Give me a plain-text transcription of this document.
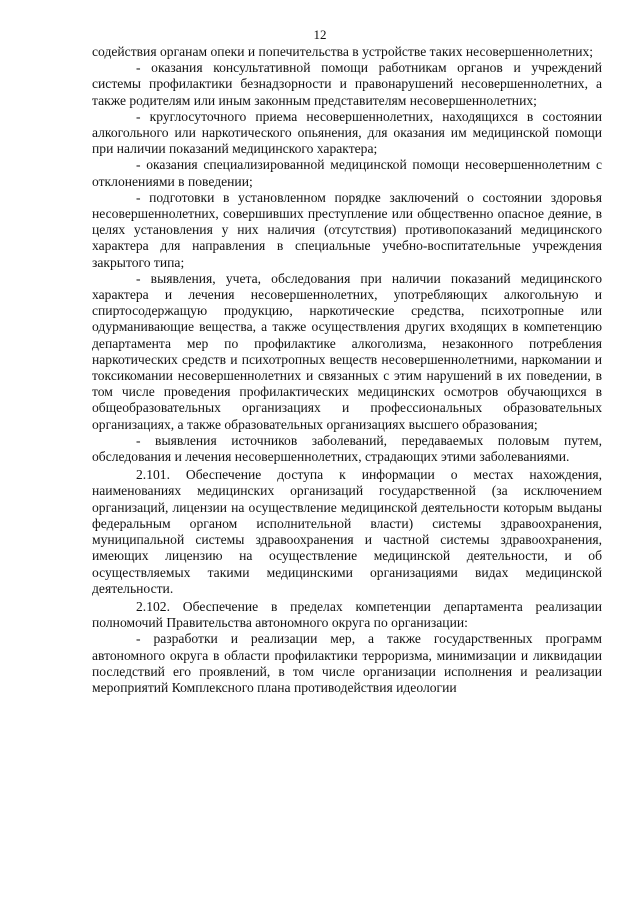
12

содействия органам опеки и попечительства в устройстве таких несовершеннолетних;

- оказания консультативной помощи работникам органов и учреждений системы профилактики безнадзорности и правонарушений несовершеннолетних, а также родителям или иным законным представителям несовершеннолетних;

- круглосуточного приема несовершеннолетних, находящихся в состоянии алкогольного или наркотического опьянения, для оказания им медицинской помощи при наличии показаний медицинского характера;

- оказания специализированной медицинской помощи несовершеннолетним с отклонениями в поведении;

- подготовки в установленном порядке заключений о состоянии здоровья несовершеннолетних, совершивших преступление или общественно опасное деяние, в целях установления у них наличия (отсутствия) противопоказаний медицинского характера для направления в специальные учебно-воспитательные учреждения закрытого типа;

- выявления, учета, обследования при наличии показаний медицинского характера и лечения несовершеннолетних, употребляющих алкогольную и спиртосодержащую продукцию, наркотические средства, психотропные или одурманивающие вещества, а также осуществления других входящих в компетенцию департамента мер по профилактике алкоголизма, незаконного потребления наркотических средств и психотропных веществ несовершеннолетними, наркомании и токсикомании несовершеннолетних и связанных с этим нарушений в их поведении, в том числе проведения профилактических медицинских осмотров обучающихся в общеобразовательных организациях и профессиональных образовательных организациях, а также образовательных организациях высшего образования;

- выявления источников заболеваний, передаваемых половым путем, обследования и лечения несовершеннолетних, страдающих этими заболеваниями.

2.101. Обеспечение доступа к информации о местах нахождения, наименованиях медицинских организаций государственной (за исключением организаций, лицензии на осуществление медицинской деятельности которым выданы федеральным органом исполнительной власти) системы здравоохранения, муниципальной системы здравоохранения и частной системы здравоохранения, имеющих лицензию на осуществление медицинской деятельности, и об осуществляемых такими медицинскими организациями видах медицинской деятельности.

2.102. Обеспечение в пределах компетенции департамента реализации полномочий Правительства автономного округа по организации:

- разработки и реализации мер, а также государственных программ автономного округа в области профилактики терроризма, минимизации и ликвидации последствий его проявлений, в том числе организации исполнения и реализации мероприятий Комплексного плана противодействия идеологии
